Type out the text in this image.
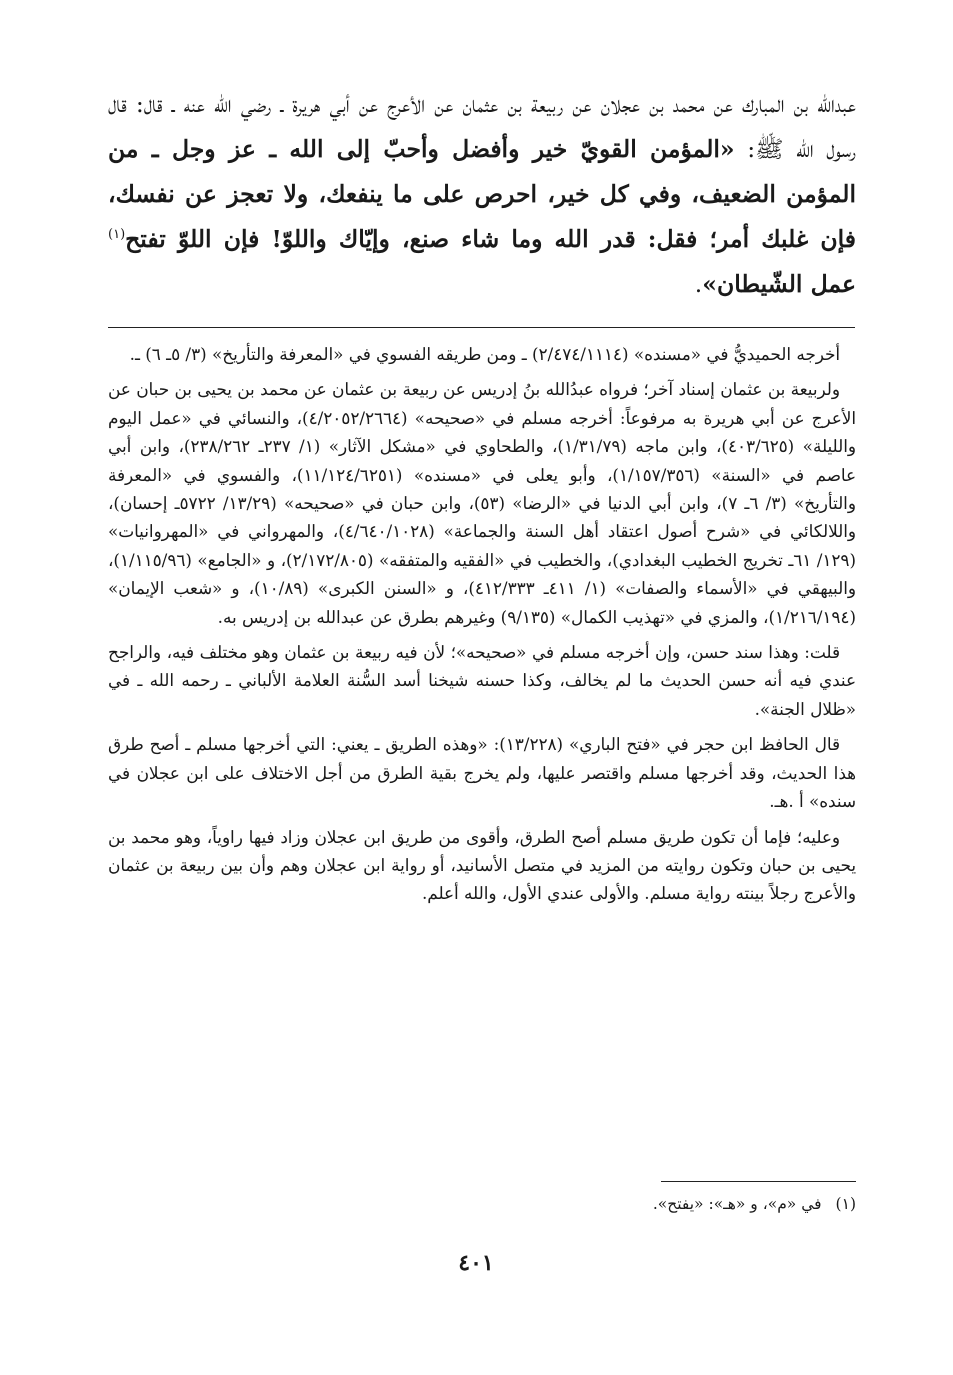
عبدالله بن المبارك عن محمد بن عجلان عن ربيعة بن عثمان عن الأعرج عن أبي هريرة ـ رضي الله عنه ـ قال: قال رسول الله ﷺ: «المؤمن القويّ خير وأفضل وأحبّ إلى الله ـ عز وجل ـ من المؤمن الضعيف، وفي كل خير، احرص على ما ينفعك، ولا تعجز عن نفسك، فإن غلبك أمر؛ فقل: قدر الله وما شاء صنع، وإيّاك واللوّ! فإن اللوّ تفتح$^{(١)}$ عمل الشّيطان».

أخرجه الحميديُّ في «مسنده» (٢/٤٧٤/١١١٤) ـ ومن طريقه الفسوي في «المعرفة والتأريخ» (٣/ ٥ـ ٦) ـ.

ولربيعة بن عثمان إسناد آخر؛ فرواه عبدُالله بنُ إدريس عن ربيعة بن عثمان عن محمد بن يحيى بن حبان عن الأعرج عن أبي هريرة به مرفوعاً: أخرجه مسلم في «صحيحه» (٤/٢٠٥٢/٢٦٦٤)، والنسائي في «عمل اليوم والليلة» (٤٠٣/٦٢٥)، وابن ماجه (١/٣١/٧٩)، والطحاوي في «مشكل الآثار» (١/ ٢٣٧ـ ٢٣٨/٢٦٢)، وابن أبي عاصم في «السنة» (١/١٥٧/٣٥٦)، وأبو يعلى في «مسنده» (١١/١٢٤/٦٢٥١)، والفسوي في «المعرفة والتأريخ» (٣/ ٦ـ ٧)، وابن أبي الدنيا في «الرضا» (٥٣)، وابن حبان في «صحيحه» (١٣/٢٩/ ٥٧٢٢ـ إحسان)، واللالكائي في «شرح أصول اعتقاد أهل السنة والجماعة» (٤/٦٤٠/١٠٢٨)، والمهرواني في «المهروانيات» (١٢٩/ ٦١ـ تخريج الخطيب البغدادي)، والخطيب في «الفقيه والمتفقه» (٢/١٧٢/٨٠٥)، و «الجامع» (١/١١٥/٩٦)، والبيهقي في «الأسماء والصفات» (١/ ٤١١ـ ٤١٢/٣٣٣)، و «السنن الكبرى» (١٠/٨٩)، و «شعب الإيمان» (١/٢١٦/١٩٤)، والمزي في «تهذيب الكمال» (٩/١٣٥) وغيرهم بطرق عن عبدالله بن إدريس به.

قلت: وهذا سند حسن، وإن أخرجه مسلم في «صحيحه»؛ لأن فيه ربيعة بن عثمان وهو مختلف فيه، والراجح عندي فيه أنه حسن الحديث ما لم يخالف، وكذا حسنه شيخنا أسد السُّنة العلامة الألباني ـ رحمه الله ـ في «ظلال الجنة».

قال الحافظ ابن حجر في «فتح الباري» (١٣/٢٢٨): «وهذه الطريق ـ يعني: التي أخرجها مسلم ـ أصح طرق هذا الحديث، وقد أخرجها مسلم واقتصر عليها، ولم يخرج بقية الطرق من أجل الاختلاف على ابن عجلان في سنده» أ .هـ.

وعليه؛ فإما أن تكون طريق مسلم أصح الطرق، وأقوى من طريق ابن عجلان وزاد فيها راوياً، وهو محمد بن يحيى بن حبان وتكون روايته من المزيد في متصل الأسانيد، أو رواية ابن عجلان وهم وأن بين ربيعة بن عثمان والأعرج رجلاً بينته رواية مسلم. والأولى عندي الأول، والله أعلم.

(١)في «م»، و «هـ»: «يفتح».
٤٠١
